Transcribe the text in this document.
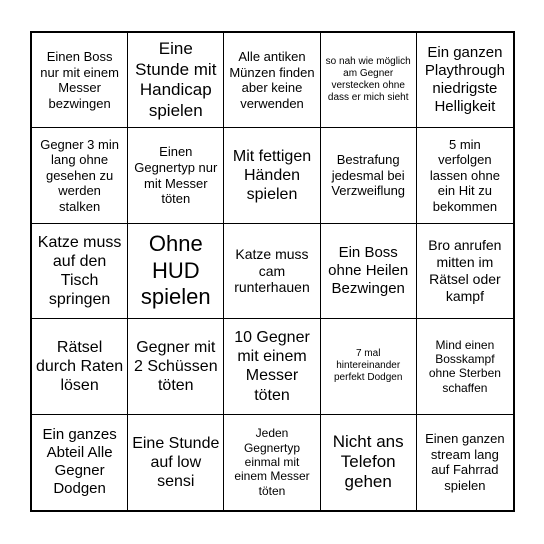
Einen Boss nur mit einem Messer bezwingen
Eine Stunde mit Handicap spielen
Alle antiken Münzen finden aber keine verwenden
so nah wie möglich am Gegner verstecken ohne dass er mich sieht
Ein ganzen Playthrough niedrigste Helligkeit
Gegner 3 min lang ohne gesehen zu werden stalken
Einen Gegnertyp nur mit Messer töten
Mit fettigen Händen spielen
Bestrafung jedesmal bei Verzweiflung
5 min verfolgen lassen ohne ein Hit zu bekommen
Katze muss auf den Tisch springen
Ohne HUD spielen
Katze muss cam runterhauen
Ein Boss ohne Heilen Bezwingen
Bro anrufen mitten im Rätsel oder kampf
Rätsel durch Raten lösen
Gegner mit 2 Schüssen töten
10 Gegner mit einem Messer töten
7 mal hintereinander perfekt Dodgen
Mind einen Bosskampf ohne Sterben schaffen
Ein ganzes Abteil Alle Gegner Dodgen
Eine Stunde auf low sensi
Jeden Gegnertyp einmal mit einem Messer töten
Nicht ans Telefon gehen
Einen ganzen stream lang auf Fahrrad spielen
